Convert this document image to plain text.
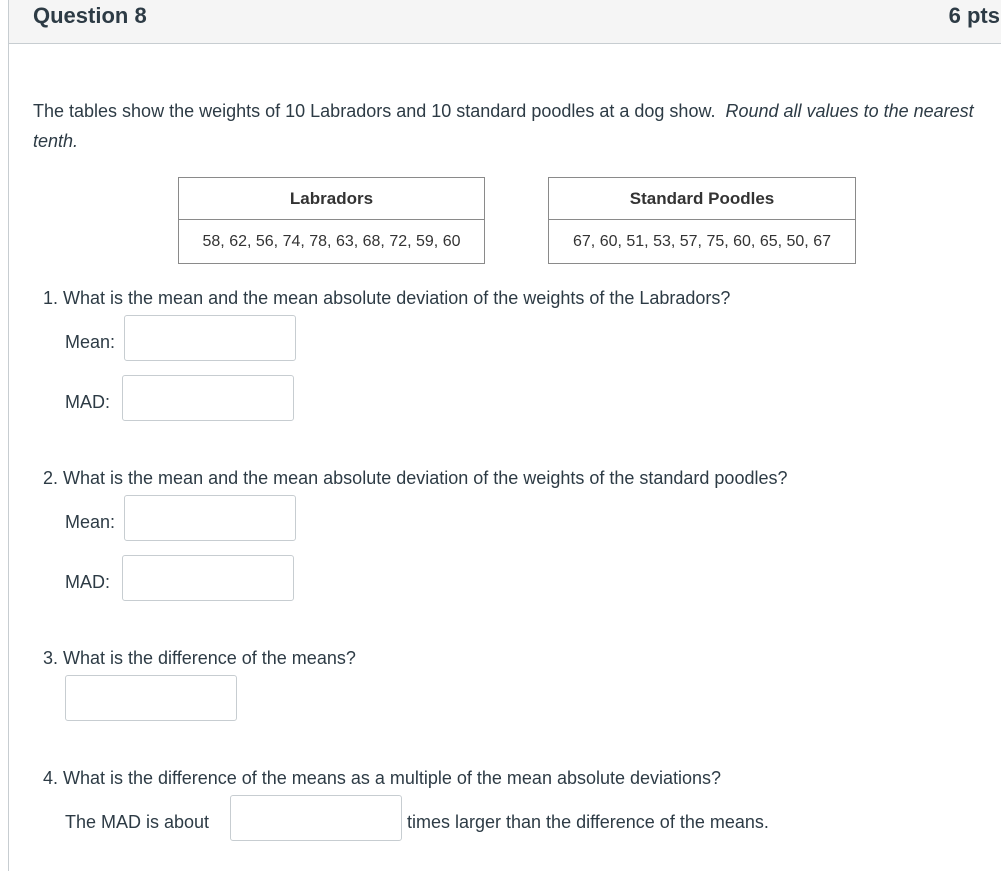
Question 8	6 pts
The tables show the weights of 10 Labradors and 10 standard poodles at a dog show. Round all values to the nearest tenth.
Labradors
58, 62, 56, 74, 78, 63, 68, 72, 59, 60
Standard Poodles
67, 60, 51, 53, 57, 75, 60, 65, 50, 67
1. What is the mean and the mean absolute deviation of the weights of the Labradors?
Mean:
MAD:
2. What is the mean and the mean absolute deviation of the weights of the standard poodles?
Mean:
MAD:
3. What is the difference of the means?
4. What is the difference of the means as a multiple of the mean absolute deviations?
The MAD is about	times larger than the difference of the means.
